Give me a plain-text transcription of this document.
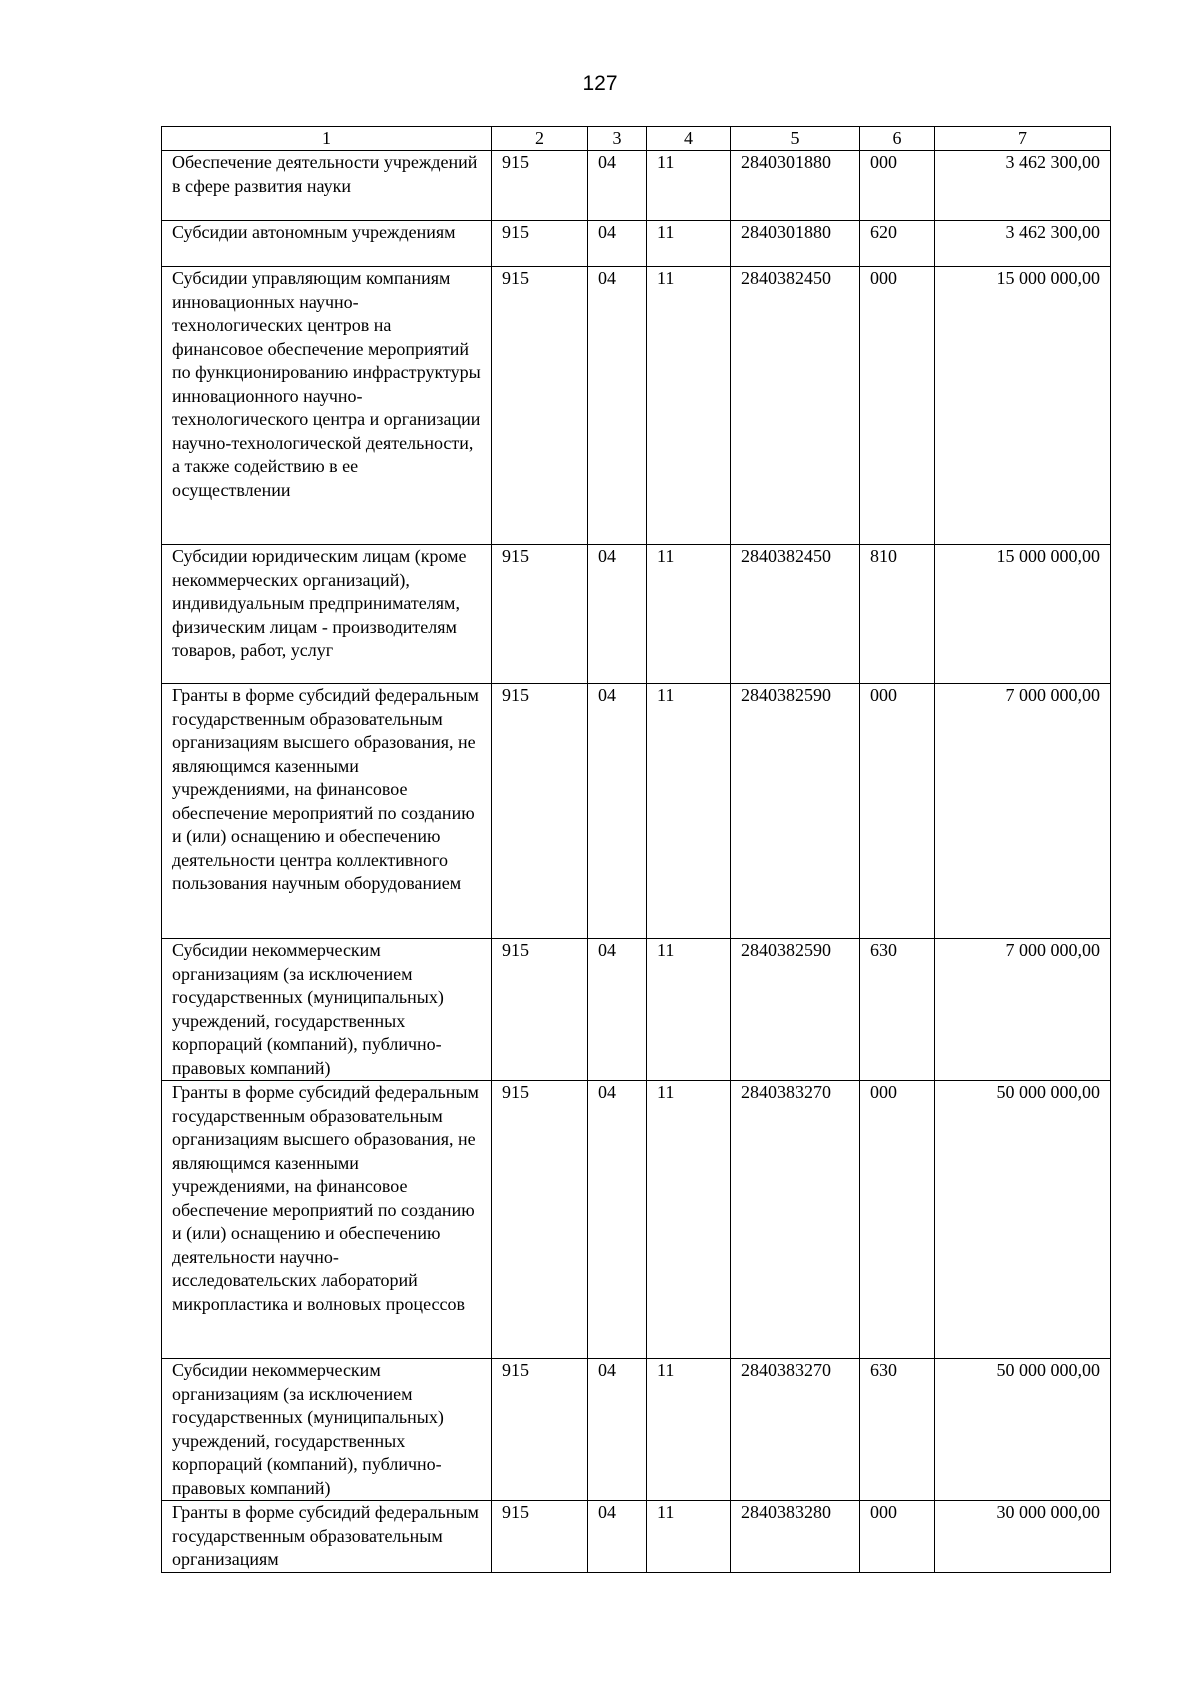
127
1	2	3	4	5	6	7
Обеспечение деятельности учреждений в сфере развития науки	915	04	11	2840301880	000	3 462 300,00
Субсидии автономным учреждениям	915	04	11	2840301880	620	3 462 300,00
Субсидии управляющим компаниям инновационных научно-технологических центров на финансовое обеспечение мероприятий по функционированию инфраструктуры инновационного научно-технологического центра и организации научно-технологической деятельности, а также содействию в ее осуществлении	915	04	11	2840382450	000	15 000 000,00
Субсидии юридическим лицам (кроме некоммерческих организаций), индивидуальным предпринимателям, физическим лицам - производителям товаров, работ, услуг	915	04	11	2840382450	810	15 000 000,00
Гранты в форме субсидий федеральным государственным образовательным организациям высшего образования, не являющимся казенными учреждениями, на финансовое обеспечение мероприятий по созданию и (или) оснащению и обеспечению деятельности центра коллективного пользования научным оборудованием	915	04	11	2840382590	000	7 000 000,00
Субсидии некоммерческим организациям (за исключением государственных (муниципальных) учреждений, государственных корпораций (компаний), публично-правовых компаний)	915	04	11	2840382590	630	7 000 000,00
Гранты в форме субсидий федеральным государственным образовательным организациям высшего образования, не являющимся казенными учреждениями, на финансовое обеспечение мероприятий по созданию и (или) оснащению и обеспечению деятельности научно-исследовательских лабораторий микропластика и волновых процессов	915	04	11	2840383270	000	50 000 000,00
Субсидии некоммерческим организациям (за исключением государственных (муниципальных) учреждений, государственных корпораций (компаний), публично-правовых компаний)	915	04	11	2840383270	630	50 000 000,00
Гранты в форме субсидий федеральным государственным образовательным организациям	915	04	11	2840383280	000	30 000 000,00
